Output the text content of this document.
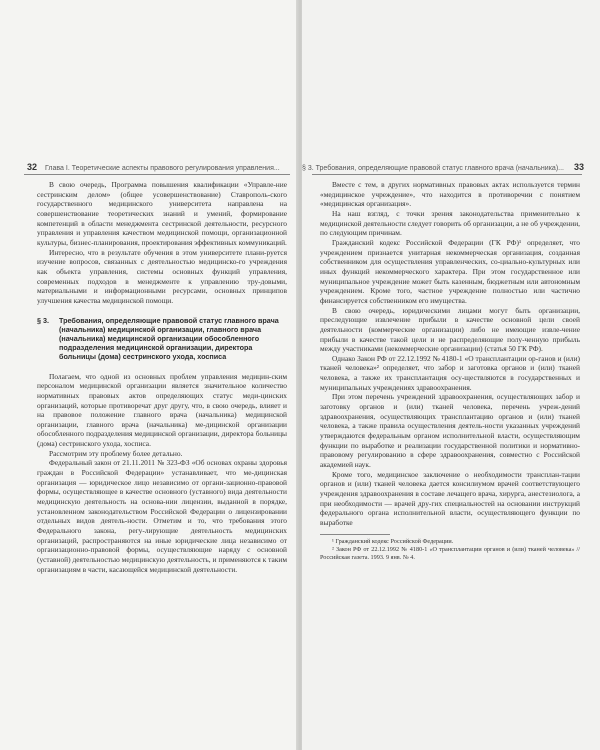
32 Глава I. Теоретические аспекты правового регулирования управления...

В свою очередь, Программа повышения квалификации «Управле-ние сестринским делом» (общее усовершенствование) Ставрополь-ского государственного медицинского университета направлена на совершенствование теоретических знаний и умений, формирование компетенций в области менеджмента сестринской деятельности, ресурсного управления и управления качеством медицинской помощи, организационной культуры, бизнес-планирования, проектирования эффективных коммуникаций.

Интересно, что в результате обучения в этом университете плани-руется изучение вопросов, связанных с деятельностью медицинско-го учреждения как объекта управления, системы основных функций управления, современных подходов в менеджменте к управлению тру-довыми, материальными и информационными ресурсами, основных принципов улучшения качества медицинской помощи.

§ 3. Требования, определяющие правовой статус главного врача (начальника) медицинской организации, главного врача (начальника) медицинской организации обособленного подразделения медицинской организации, директора больницы (дома) сестринского ухода, хосписа

Полагаем, что одной из основных проблем управления медицин-ским персоналом медицинской организации является значительное количество нормативных правовых актов определяющих статус меди-цинских организаций, которые противоречат друг другу, что, в свою очередь, влияет и на правовое положение главного врача (начальника) медицинской организации, главного врача (начальника) ме-дицинской организации обособленного подразделения медицинской организации, директора больницы (дома) сестринского ухода, хосписа.

Рассмотрим эту проблему более детально.

Федеральный закон от 21.11.2011 № 323-ФЗ «Об основах охраны здоровья граждан в Российской Федерации» устанавливает, что ме-дицинская организация — юридическое лицо независимо от органи-зационно-правовой формы, осуществляющее в качестве основного (уставного) вида деятельности медицинскую деятельность на основа-нии лицензии, выданной в порядке, установленном законодательством Российской Федерации о лицензировании отдельных видов деятель-ности. Отметим и то, что требования этого Федерального закона, регу-лирующие деятельность медицинских организаций, распространяются на иные юридические лица независимо от организационно-правовой формы, осуществляющие наряду с основной (уставной) деятельностью медицинскую деятельность, и применяются к таким организациям в части, касающейся медицинской деятельности.

§ 3. Требования, определяющие правовой статус главного врача (начальника)... 33

Вместе с тем, в других нормативных правовых актах используется термин «медицинское учреждение», что находится в противоречии с понятием «медицинская организация».

На наш взгляд, с точки зрения законодательства применительно к медицинской деятельности следует говорить об организации, а не об учреждении, по следующим причинам.

Гражданский кодекс Российской Федерации (ГК РФ)¹ определяет, что учреждением признается унитарная некоммерческая организация, созданная собственником для осуществления управленческих, со-циально-культурных или иных функций некоммерческого характера. При этом государственное или муниципальное учреждение может быть казенным, бюджетным или автономным учреждением. Кроме того, частное учреждение полностью или частично финансируется собственником его имущества.

В свою очередь, юридическими лицами могут быть организации, преследующие извлечение прибыли в качестве основной цели своей деятельности (коммерческие организации) либо не имеющие извле-чение прибыли в качестве такой цели и не распределяющие полу-ченную прибыль между участниками (некоммерческие организации) (статья 50 ГК РФ).

Однако Закон РФ от 22.12.1992 № 4180-1 «О трансплантации ор-ганов и (или) тканей человека»² определяет, что забор и заготовка органов и (или) тканей человека, а также их трансплантация осу-ществляются в государственных и муниципальных учреждениях здравоохранения.

При этом перечень учреждений здравоохранения, осуществляющих забор и заготовку органов и (или) тканей человека, перечень учреж-дений здравоохранения, осуществляющих трансплантацию органов и (или) тканей человека, а также правила осуществления деятель-ности указанных учреждений утверждаются федеральным органом исполнительной власти, осуществляющим функции по выработке и реализации государственной политики и нормативно-правовому регулированию в сфере здравоохранения, совместно с Российской академией наук.

Кроме того, медицинское заключение о необходимости трансплан-тации органов и (или) тканей человека дается консилиумом врачей соответствующего учреждения здравоохранения в составе лечащего врача, хирурга, анестезиолога, а при необходимости — врачей дру-гих специальностей на основании инструкций федерального органа исполнительной власти, осуществляющего функции по выработке

¹ Гражданский кодекс Российской Федерации.

² Закон РФ от 22.12.1992 № 4180-1 «О трансплантации органов и (или) тканей человека» // Российская газета. 1993. 9 янв. № 4.
